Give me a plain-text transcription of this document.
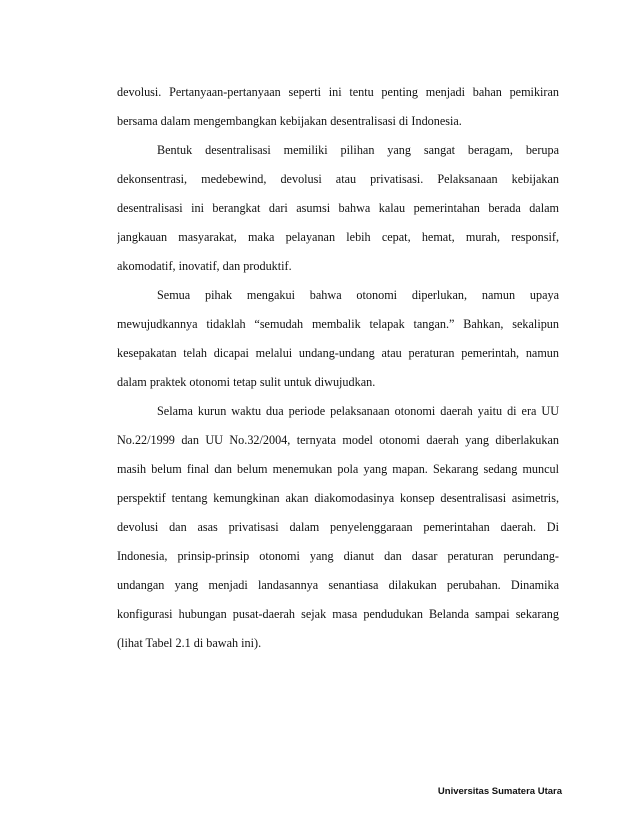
devolusi. Pertanyaan-pertanyaan seperti ini tentu penting menjadi bahan pemikiran
bersama dalam mengembangkan kebijakan desentralisasi di Indonesia.
Bentuk desentralisasi memiliki pilihan yang sangat beragam, berupa
dekonsentrasi, medebewind, devolusi atau privatisasi. Pelaksanaan kebijakan
desentralisasi ini berangkat dari asumsi bahwa kalau pemerintahan berada dalam
jangkauan masyarakat, maka pelayanan lebih cepat, hemat, murah, responsif,
akomodatif, inovatif, dan produktif.
Semua pihak mengakui bahwa otonomi diperlukan, namun upaya
mewujudkannya tidaklah “semudah membalik telapak tangan.” Bahkan, sekalipun
kesepakatan telah dicapai melalui undang-undang atau peraturan pemerintah, namun
dalam praktek otonomi tetap sulit untuk diwujudkan.
Selama kurun waktu dua periode pelaksanaan otonomi daerah yaitu di era UU
No.22/1999 dan UU No.32/2004, ternyata model otonomi daerah yang diberlakukan
masih belum final dan belum menemukan pola yang mapan. Sekarang sedang muncul
perspektif tentang kemungkinan akan diakomodasinya konsep desentralisasi asimetris,
devolusi dan asas privatisasi dalam penyelenggaraan pemerintahan daerah. Di
Indonesia, prinsip-prinsip otonomi yang dianut dan dasar peraturan perundang-
undangan yang menjadi landasannya senantiasa dilakukan perubahan. Dinamika
konfigurasi hubungan pusat-daerah sejak masa pendudukan Belanda sampai sekarang
(lihat Tabel 2.1 di bawah ini).
Universitas Sumatera Utara
